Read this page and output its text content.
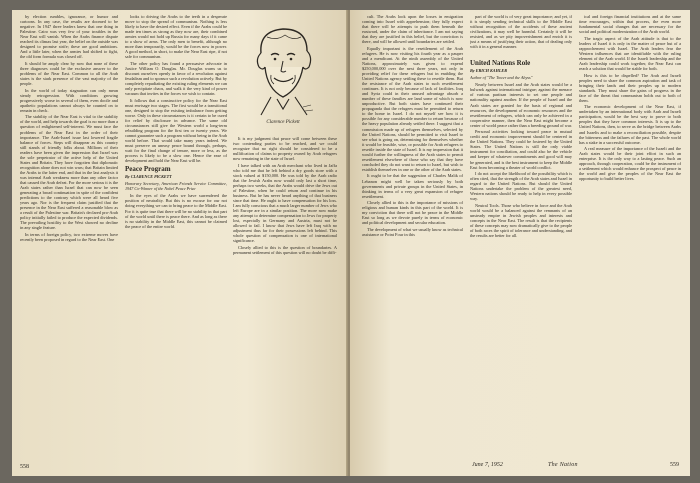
by election rumbles, ignorance, or humor and cartoons. In any case, the results are doomed to be negative. In 1947 three leaders knew that one thing in Palestine. Cairo was very few of your troubles in the Near East will vanish. When the Arabs finance dispute reached its climax last year, the belief on the outside was designed to promise strife; these are good ambitions. And a little later, when the armies had shifted to fight, the old form formula was closed off.

It should be amply clear by now that none of these three diagnoses could be the exclusive answer to the problems of the Near East. Common to all the Arab states is the stark presence of the vast majority of the people.

In the world of today stagnation can only mean steady retrogression. With conditions growing progressively worse in several of them, even docile and apathetic populations cannot always be counted on to remain in check.

The stability of the Near East is vital to the stability of the world, and help towards the goal is no more than a question of enlightened self-interest. We must face the problems of the Near East in the order of their importance. The Arab-Israel issue last lowered fragile balance of forces. Steps will disappear as this country still stands of friendly folks about. Millions of their readers have been given the impression that Israel was the sole perpetrator of the active help of the United States and Britain. They have forgotten that diplomatic recognition alone does not win wars; that Britain limited the Arabs to the latter end, and that in the last analysis it was internal Arab weakness more than any other factor that caused the Arab defeat. For the more serious it is the Arab states rather than Israel that can now be seen generating a broad continuation in spite of the confident predictions to the contrary which were all heard five years ago. Nor is the frequent claim justified that the presence in the Near East suffered a reasonable blow as a result of the Palestine war. Britain's declared pro-Arab policy initially failed to produce the expected dividends. The prevailing hostility to the West showed no decline in any single feature.

In terms of foreign policy, two extreme moves have recently been proposed in regard to the Near East. One

looks to driving the Arabs to the teeth in a desperate move to stop the spread of communism. Nothing is less likely to have the desired effect. Even if the Arabs could be made ten times as strong as they now are, their combined armies would not hold up Russia for many days if it came to a show of arms. The only men to benefit, although no more than temporarily, would be the forces now in power. A good method, in short, to make the Near East ripe, if not safe for communism.

The other policy has found a persuasive advocate in Justice William O. Douglas. Mr. Douglas warns us to discount ourselves openly in favor of a revolution against feudalism and to sponsor such a revolution actively. But by completely repudiating the existing ruling elements we can only precipitate chaos, and walk it the very kind of power vacuum that invites in the forces we wish to contain.

It follows that a constructive policy for the Near East must envisage two stages. The first would be a transitional one, designed to stop the existing imbalance from getting worse. Only in these circumstances is it certain to be cured for relief by disclosure in advance. The same old circumstances still give the Western world a long-term rebuilding program for the first ten or twenty years. We cannot guarantee such a program without being in the Arab world before. That would take many years indeed. We must preserve an uneasy peace bound through, perhaps, wait for the final change of tenure, more or less, as the process is likely to be a slow one. Hence the ease of development and hold the Near East will be.

Peace Program
By CLARENCE PICKETT
Honorary Secretary, American Friends Service Committee, 1947 Co-Winner of the Nobel Peace Prize

In the eyes of the Arabs we have surrendered the position of neutrality. But this is no excuse for our not doing everything we can to bring peace to the Middle East. For it is quite true that there will be no stability in that part of the world until there is peace there. And as long as there is no stability in the Middle East, this cannot be claimed the peace of the entire world.

Clarence Pickett

It is my judgment that peace will come between these two contending parties to be reached, and we could recognize that no right should be considered to be a nullification of claims to property owned by Arab refugees now remaining in the state of Israel.

I have talked with an Arab merchant who lived in Jaffa who told me that he left behind a dry goods store with a stock valued at $150,000. He was told by the Arab radio that the Jewish Arabs now would only last a short time, perhaps two weeks, that the Arabs would drive the Jews out of Palestine, when he could return and continue in his business. But he has never heard anything of that business since that time. He ought to have compensation for his loss. I am fully conscious that a much larger number of Jews who left Europe are in a similar position. The more now make any attempt to determine compensation to Jews for property lost, especially in Germany and Austria, must not be allowed to fail. I know that Jews have left Iraq with no adjustment thus far for their possessions left behind. This whole question of compensation is one of international significance.

Closely allied to this is the question of boundaries. A permanent settlement of this question will no doubt be diffi-

558

cult. The Arabs look upon the losses in emigration coming into Israel with apprehension; they fully expect that there will be attempts to push them beneath the eastward, under the claim of inheritance. I am not saying that they are justified in this belief, but the conviction is there, and will be allowed until boundaries are settled.

Equally important is the resettlement of the Arab refugees. He is now visiting his fourth year as a pauper and a mendicant. At the ninth assembly of the United Nations, approximately was given to expend $250,000,000 over the next three years, not only in providing relief for these refugees but in enabling the United Nations agency settling these to resettle them. But the resistance of the Arab states to such resettlement continues. It is not only because of lack of facilities. Iraq and Syria could in their unused advantage absorb a number of these families are land some of which is now unproductive. But both states have continued their propaganda that the refugees must be permitted to return to the home in Israel. I do not myself see how it is possible for any considerable number to return because of the heavy population already settled there. I suggest that a commission made up of refugees themselves, selected by the United Nations, should be permitted to visit Israel to see what is going on, determining for themselves whether it would be feasible, wise, or possible for Arab refugees to resettle inside the state of Israel. It is my impression that it would further the willingness of the Arab states to permit resettlement elsewhere of those who say that they have concluded they do not want to return to Israel, but wish to establish themselves in one or the other of the Arab states.

It ought to be that the suggestion of Charles Malik of Lebanon might well be taken seriously by both governments and private groups in the United States, in thinking in terms of a very great expansion of refugee resettlement.

Closely allied to this is the importance of missions of religious and human kinds in this part of the world. It is my conviction that there will not be peace in the Middle East so long as we devote purely in terms of economic and political development and secular education.

The development of what we usually know as technical assistance or Point Four in this

part of the world is of very great importance; and yet, if it is simply sending technical skills to the Middle East without recognition of the accidents of these ancient civilizations, it may well be harmful. Certainly it will be resisted, and as we pity impoverishment and enrich it is just a means of justifying their action, that of dealing only with it in a general manner.

United Nations Role
By ERICH KAHLER
Author of "The Tower and the Abyss"

Nearly between Israel and the Arab states would be a bulwark against international intrigue; against the menace of various partisan interests to set one people and nationality against another. If the people of Israel and the Arab states are granted for the basis of regional and resources, the development of economic resources and the resettlement of refugees, which can only be achieved in a cooperative manner, then the Near East might become a center of world peace rather than a breeding ground of war.

Personal activities looking toward peace in mutual credit and economic improvement should be centered in the United Nations. They could be fostered by the United States. The United Nations is still the only viable instrument for conciliation, and could also be the vehicle and keeper of whatever commitments and good will may be generated, and is the best instrument to keep the Middle East from becoming a theater of world conflict.

I do not accept the likelihood of the possibility which is often cited, that the strength of the Arab states and Israel in regard to the United Nations. But should the United Nations undertake the problem of the greatest need, Western nations should be ready to help in every possible way.

Neutral Tools. Those who believe in force and the Arab world would be a balanced against the remnants of an unsteady empire in Jewish peoples and interests and concepts in the Near East. The result is that the recipients of these concepts may now dramatically give to the people of both races the spirit of tolerance and understanding, and the results are better for all.

ical and foreign financial institutions and at the same time encourages, within that process, the even more fundamental social changes that are necessary for the social and political modernization of the Arab world.

The tragic aspect of the Arab attitude is that to the leaders of Israel it is only in the matter of peace but of a rapprochement with Israel. The Arab leaders fear the Western influences that are identifiable with the ruling element of the Arab world. If the Israeli leadership and the Arab leadership could work together, the Near East can reach a solution that would be stable for both.

How is this to be dispelled? The Arab and Israeli peoples need to share the common aspiration and task of bringing their lands and their peoples up to modern standards. They must share the gains of progress in the face of the threat that communism holds out to both of them.

The economic development of the Near East, if undertaken by an international body with Arab and Israeli participation, would be the best way to prove to both peoples that they have common interests. It is up to the United Nations, then, to serve as the bridge between Arabs and Israelis and to make a reconciliation possible, despite the bitterness and the failures of the past. The whole world has a stake in a successful outcome.

A real measure of the importance of the Israeli and the Arab states would be their joint effort in such an enterprise. It is the only way to a lasting peace. Such an approach, through cooperation, could be the instrument of a settlement which would enhance the prospect of peace in the world and give the peoples of the Near East the opportunity to build better lives.

June 7, 1952	The Nation	559
